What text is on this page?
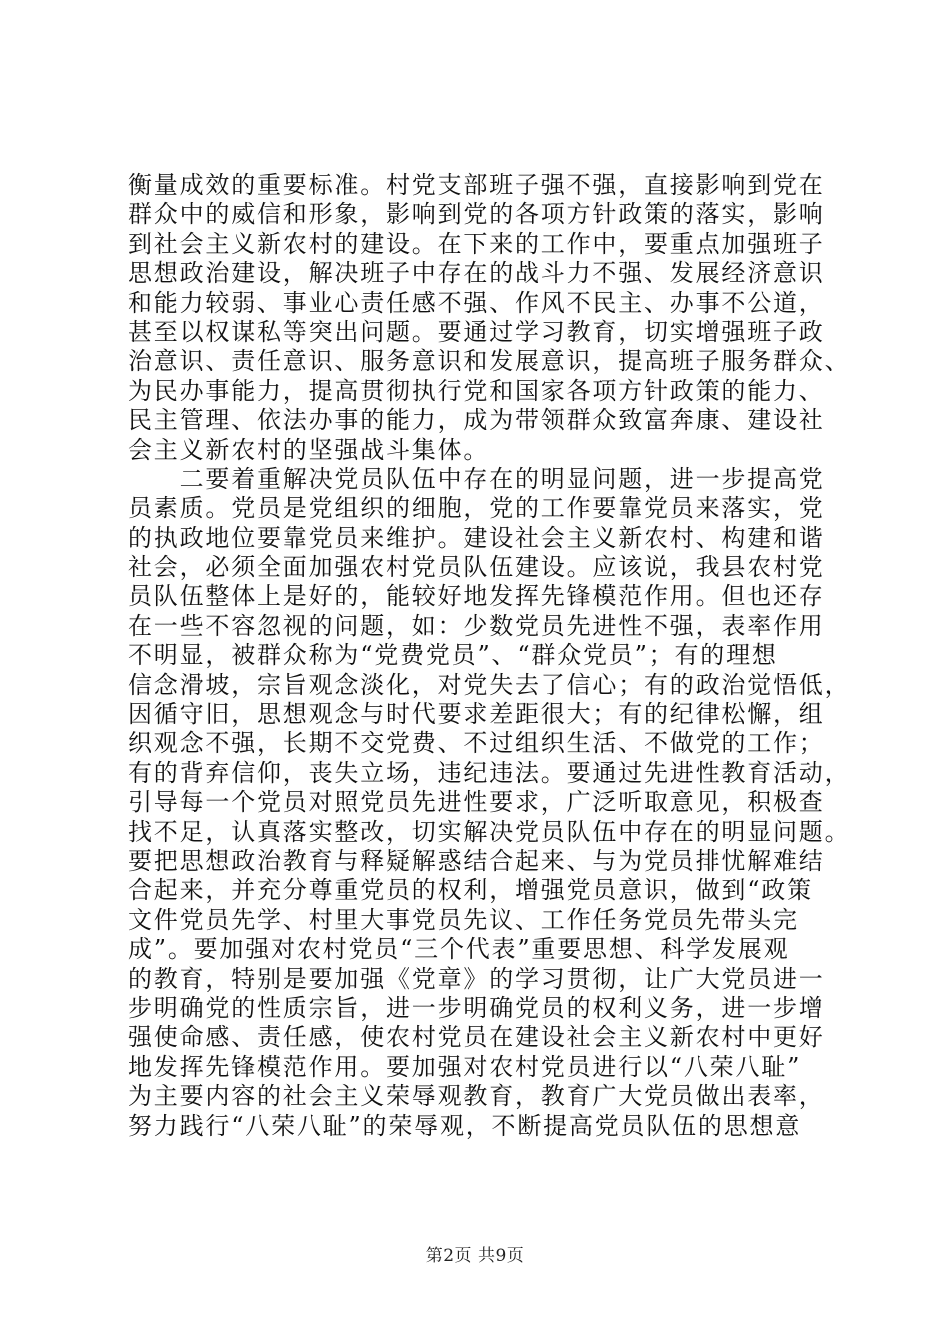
衡量成效的重要标准。村党支部班子强不强，直接影响到党在
群众中的威信和形象，影响到党的各项方针政策的落实，影响
到社会主义新农村的建设。在下来的工作中，要重点加强班子
思想政治建设，解决班子中存在的战斗力不强、发展经济意识
和能力较弱、事业心责任感不强、作风不民主、办事不公道，
甚至以权谋私等突出问题。要通过学习教育，切实增强班子政
治意识、责任意识、服务意识和发展意识，提高班子服务群众、
为民办事能力，提高贯彻执行党和国家各项方针政策的能力、
民主管理、依法办事的能力，成为带领群众致富奔康、建设社
会主义新农村的坚强战斗集体。
　　二要着重解决党员队伍中存在的明显问题，进一步提高党
员素质。党员是党组织的细胞，党的工作要靠党员来落实，党
的执政地位要靠党员来维护。建设社会主义新农村、构建和谐
社会，必须全面加强农村党员队伍建设。应该说，我县农村党
员队伍整体上是好的，能较好地发挥先锋模范作用。但也还存
在一些不容忽视的问题，如：少数党员先进性不强，表率作用
不明显，被群众称为“党费党员”、“群众党员”；有的理想
信念滑坡，宗旨观念淡化，对党失去了信心；有的政治觉悟低，
因循守旧，思想观念与时代要求差距很大；有的纪律松懈，组
织观念不强，长期不交党费、不过组织生活、不做党的工作；
有的背弃信仰，丧失立场，违纪违法。要通过先进性教育活动，
引导每一个党员对照党员先进性要求，广泛听取意见，积极查
找不足，认真落实整改，切实解决党员队伍中存在的明显问题。
要把思想政治教育与释疑解惑结合起来、与为党员排忧解难结
合起来，并充分尊重党员的权利，增强党员意识，做到“政策
文件党员先学、村里大事党员先议、工作任务党员先带头完
成”。要加强对农村党员“三个代表”重要思想、科学发展观
的教育，特别是要加强《党章》的学习贯彻，让广大党员进一
步明确党的性质宗旨，进一步明确党员的权利义务，进一步增
强使命感、责任感，使农村党员在建设社会主义新农村中更好
地发挥先锋模范作用。要加强对农村党员进行以“八荣八耻”
为主要内容的社会主义荣辱观教育，教育广大党员做出表率，
努力践行“八荣八耻”的荣辱观，不断提高党员队伍的思想意
第2页 共9页
